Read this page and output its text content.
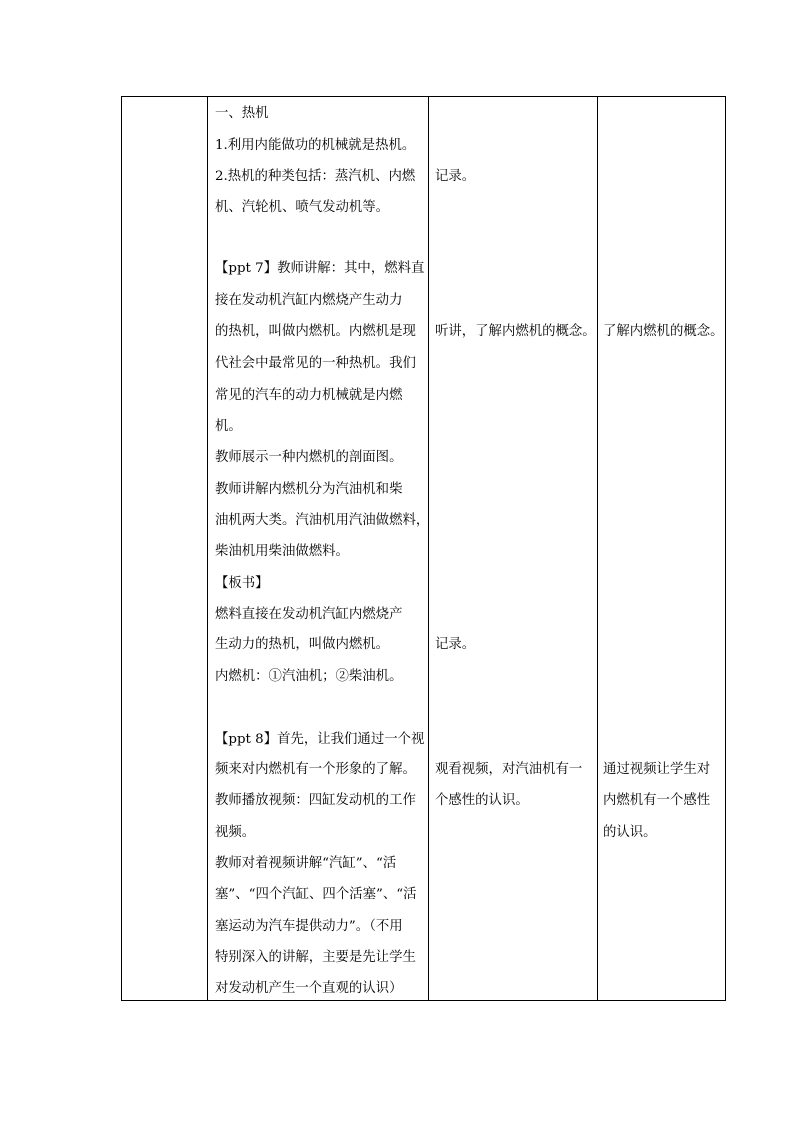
一、热机
1.利用内能做功的机械就是热机。
2.热机的种类包括：蒸汽机、内燃
机、汽轮机、喷气发动机等。
【ppt 7】教师讲解：其中，燃料直
接在发动机汽缸内燃烧产生动力
的热机，叫做内燃机。内燃机是现
代社会中最常见的一种热机。我们
常见的汽车的动力机械就是内燃
机。
教师展示一种内燃机的剖面图。
教师讲解内燃机分为汽油机和柴
油机两大类。汽油机用汽油做燃料，
柴油机用柴油做燃料。
【板书】
燃料直接在发动机汽缸内燃烧产
生动力的热机，叫做内燃机。
内燃机：①汽油机；②柴油机。
【ppt 8】首先，让我们通过一个视
频来对内燃机有一个形象的了解。
教师播放视频：四缸发动机的工作
视频。
教师对着视频讲解“汽缸”、“活
塞”、“四个汽缸、四个活塞”、“活
塞运动为汽车提供动力”。（不用
特别深入的讲解，主要是先让学生
对发动机产生一个直观的认识）
记录。
听讲，了解内燃机的概念。
记录。
观看视频，对汽油机有一
个感性的认识。
了解内燃机的概念。
通过视频让学生对
内燃机有一个感性
的认识。
